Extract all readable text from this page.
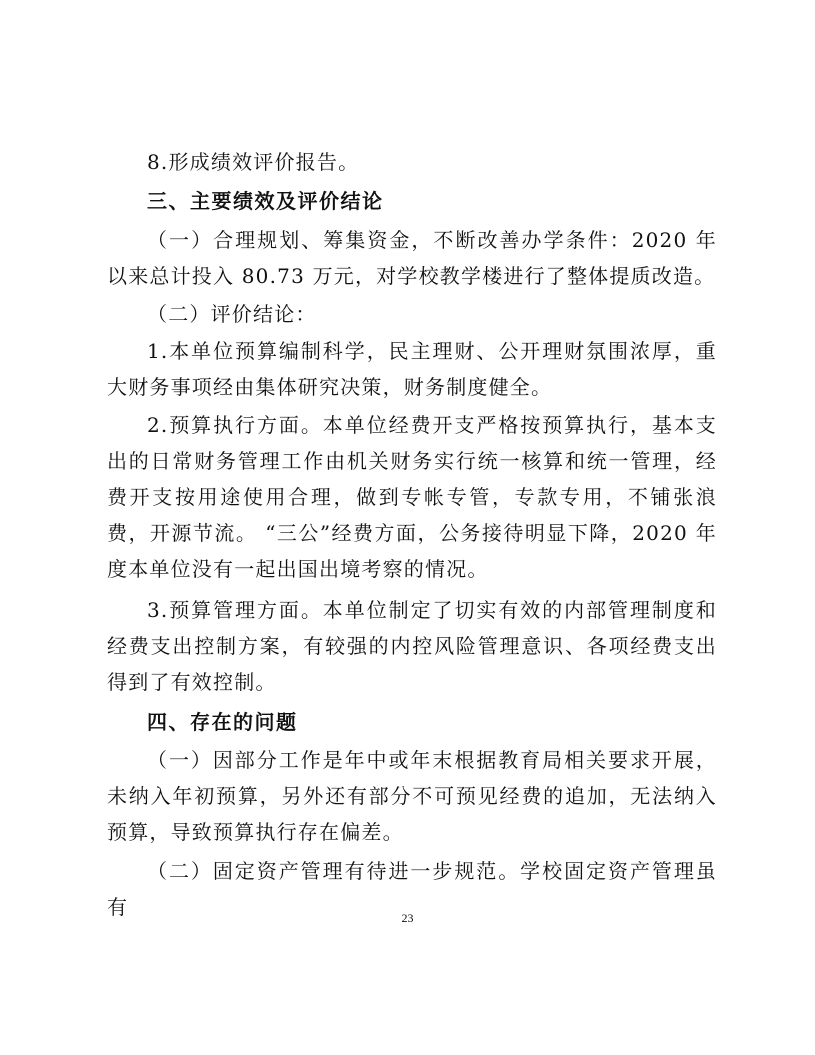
8.形成绩效评价报告。

三、主要绩效及评价结论

（一）合理规划、筹集资金，不断改善办学条件：2020 年以来总计投入 80.73 万元，对学校教学楼进行了整体提质改造。

（二）评价结论：

1.本单位预算编制科学，民主理财、公开理财氛围浓厚，重大财务事项经由集体研究决策，财务制度健全。

2.预算执行方面。本单位经费开支严格按预算执行，基本支出的日常财务管理工作由机关财务实行统一核算和统一管理，经费开支按用途使用合理，做到专帐专管，专款专用，不铺张浪费，开源节流。 “三公”经费方面，公务接待明显下降，2020 年度本单位没有一起出国出境考察的情况。

3.预算管理方面。本单位制定了切实有效的内部管理制度和经费支出控制方案，有较强的内控风险管理意识、各项经费支出得到了有效控制。

四、存在的问题

（一）因部分工作是年中或年末根据教育局相关要求开展，未纳入年初预算，另外还有部分不可预见经费的追加，无法纳入预算，导致预算执行存在偏差。

（二）固定资产管理有待进一步规范。学校固定资产管理虽有	23
